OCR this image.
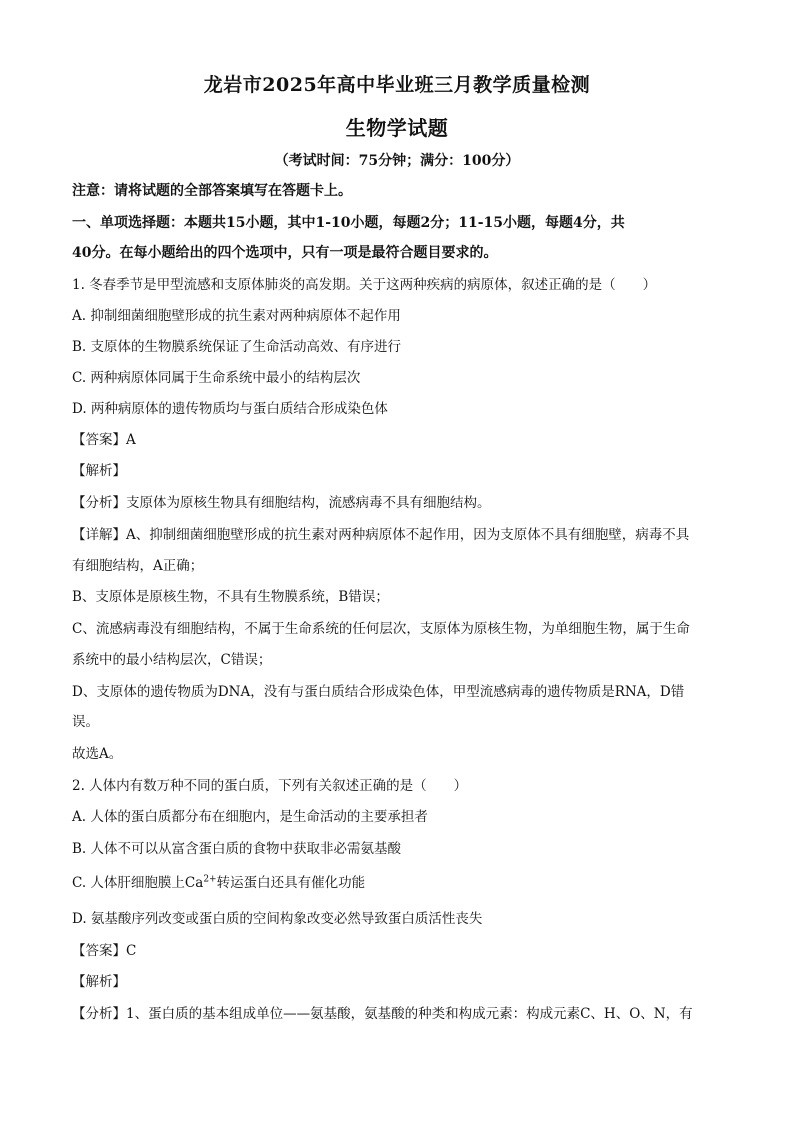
龙岩市2025年高中毕业班三月教学质量检测
生物学试题
（考试时间：75分钟；满分：100分）
注意：请将试题的全部答案填写在答题卡上。
一、单项选择题：本题共15小题，其中1-10小题，每题2分；11-15小题，每题4分，共
40分。在每小题给出的四个选项中，只有一项是最符合题目要求的。
1. 冬春季节是甲型流感和支原体肺炎的高发期。关于这两种疾病的病原体，叙述正确的是（　　）
A. 抑制细菌细胞壁形成的抗生素对两种病原体不起作用
B. 支原体的生物膜系统保证了生命活动高效、有序进行
C. 两种病原体同属于生命系统中最小的结构层次
D. 两种病原体的遗传物质均与蛋白质结合形成染色体
【答案】A
【解析】
【分析】支原体为原核生物具有细胞结构，流感病毒不具有细胞结构。
【详解】A、抑制细菌细胞壁形成的抗生素对两种病原体不起作用，因为支原体不具有细胞壁，病毒不具
有细胞结构，A正确；
B、支原体是原核生物，不具有生物膜系统，B错误；
C、流感病毒没有细胞结构，不属于生命系统的任何层次，支原体为原核生物，为单细胞生物，属于生命
系统中的最小结构层次，C错误；
D、支原体的遗传物质为DNA，没有与蛋白质结合形成染色体，甲型流感病毒的遗传物质是RNA，D错
误。
故选A。
2. 人体内有数万种不同的蛋白质，下列有关叙述正确的是（　　）
A. 人体的蛋白质都分布在细胞内，是生命活动的主要承担者
B. 人体不可以从富含蛋白质的食物中获取非必需氨基酸
C. 人体肝细胞膜上$Ca^{2+}$转运蛋白还具有催化功能
D. 氨基酸序列改变或蛋白质的空间构象改变必然导致蛋白质活性丧失
【答案】C
【解析】
【分析】1、蛋白质的基本组成单位——氨基酸，氨基酸的种类和构成元素：构成元素C、H、O、N，有
